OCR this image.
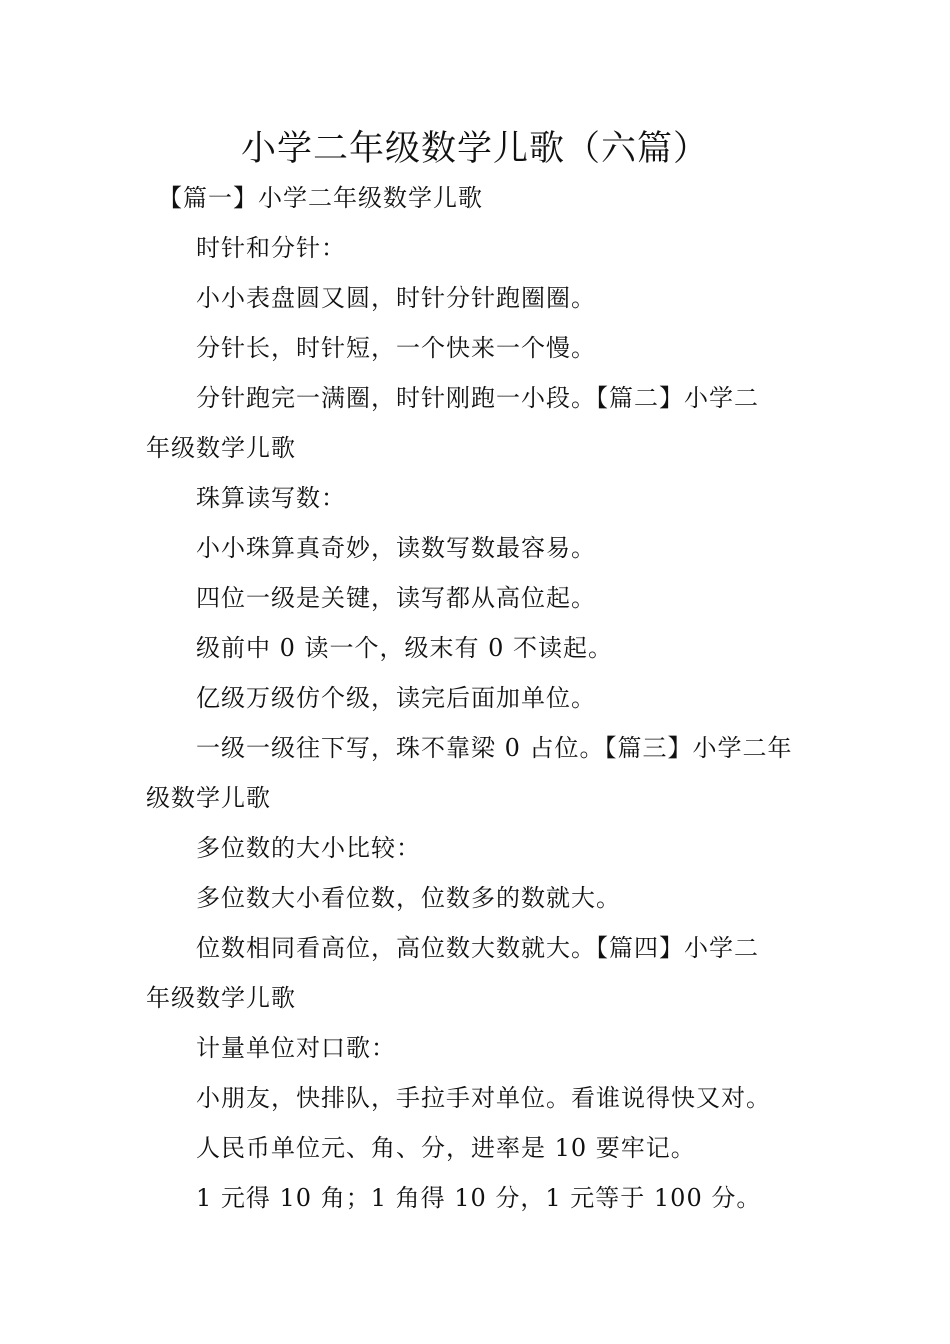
小学二年级数学儿歌（六篇）
【篇一】小学二年级数学儿歌
时针和分针：
小小表盘圆又圆，时针分针跑圈圈。
分针长，时针短，一个快来一个慢。
分针跑完一满圈，时针刚跑一小段。【篇二】小学二
年级数学儿歌
珠算读写数：
小小珠算真奇妙，读数写数最容易。
四位一级是关键，读写都从高位起。
级前中 0 读一个，级末有 0 不读起。
亿级万级仿个级，读完后面加单位。
一级一级往下写，珠不靠梁 0 占位。【篇三】小学二年
级数学儿歌
多位数的大小比较：
多位数大小看位数，位数多的数就大。
位数相同看高位，高位数大数就大。【篇四】小学二
年级数学儿歌
计量单位对口歌：
小朋友，快排队，手拉手对单位。看谁说得快又对。
人民币单位元、角、分，进率是 10 要牢记。
1 元得 10 角；1 角得 10 分，1 元等于 100 分。
